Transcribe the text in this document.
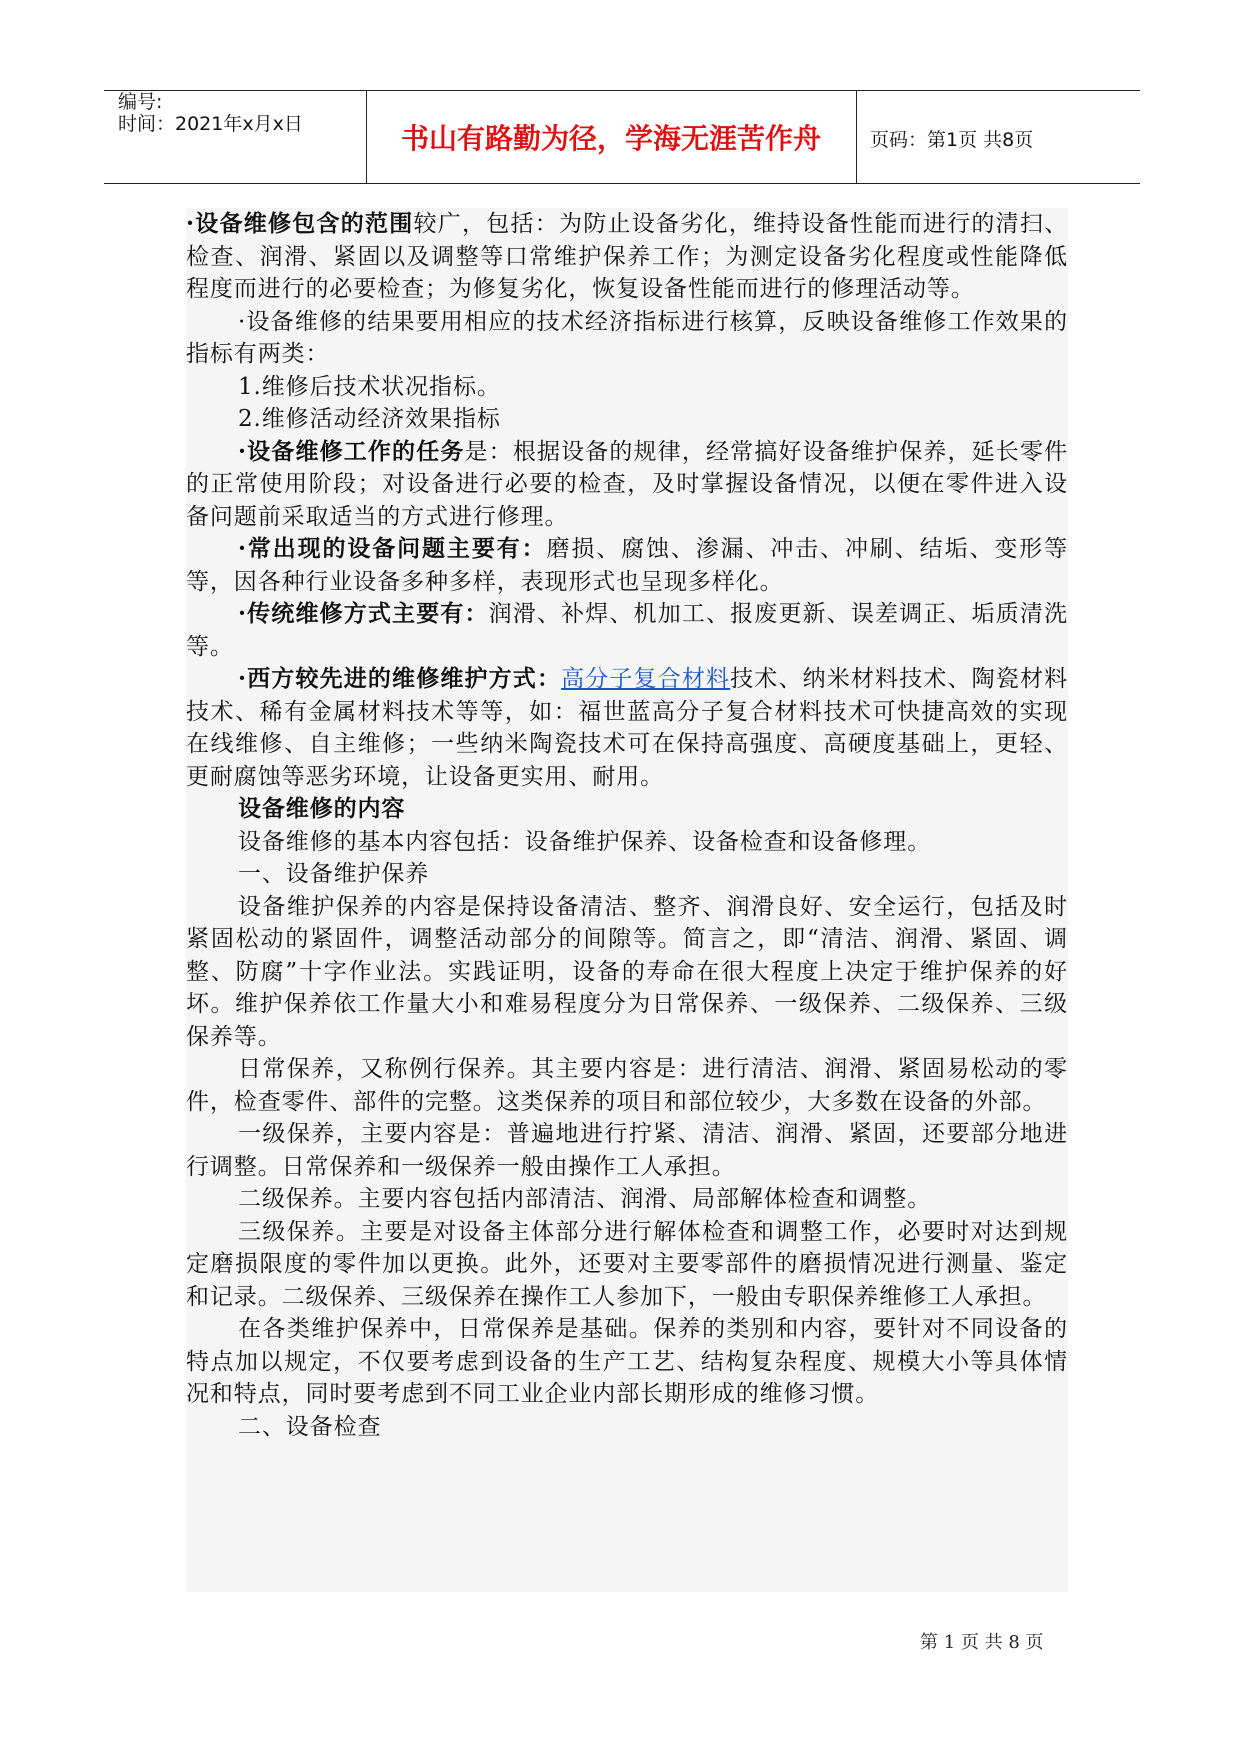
编号:
时间：2021年x月x日	书山有路勤为径，学海无涯苦作舟	页码：第1页 共8页

·设备维修包含的范围较广，包括：为防止设备劣化，维持设备性能而进行的清扫、检查、润滑、紧固以及调整等口常维护保养工作；为测定设备劣化程度或性能降低程度而进行的必要检查；为修复劣化，恢复设备性能而进行的修理活动等。

·设备维修的结果要用相应的技术经济指标进行核算，反映设备维修工作效果的指标有两类：

1.维修后技术状况指标。

2.维修活动经济效果指标

·设备维修工作的任务是：根据设备的规律，经常搞好设备维护保养，延长零件的正常使用阶段；对设备进行必要的检查，及时掌握设备情况，以便在零件进入设备问题前采取适当的方式进行修理。

·常出现的设备问题主要有：磨损、腐蚀、渗漏、冲击、冲刷、结垢、变形等等，因各种行业设备多种多样，表现形式也呈现多样化。

·传统维修方式主要有：润滑、补焊、机加工、报废更新、误差调正、垢质清洗等。

·西方较先进的维修维护方式：高分子复合材料技术、纳米材料技术、陶瓷材料技术、稀有金属材料技术等等，如：福世蓝高分子复合材料技术可快捷高效的实现在线维修、自主维修；一些纳米陶瓷技术可在保持高强度、高硬度基础上，更轻、更耐腐蚀等恶劣环境，让设备更实用、耐用。

设备维修的内容

设备维修的基本内容包括：设备维护保养、设备检查和设备修理。

一、设备维护保养

设备维护保养的内容是保持设备清洁、整齐、润滑良好、安全运行，包括及时紧固松动的紧固件，调整活动部分的间隙等。简言之，即“清洁、润滑、紧固、调整、防腐”十字作业法。实践证明，设备的寿命在很大程度上决定于维护保养的好坏。维护保养依工作量大小和难易程度分为日常保养、一级保养、二级保养、三级保养等。

日常保养，又称例行保养。其主要内容是：进行清洁、润滑、紧固易松动的零件，检查零件、部件的完整。这类保养的项目和部位较少，大多数在设备的外部。

一级保养，主要内容是：普遍地进行拧紧、清洁、润滑、紧固，还要部分地进行调整。日常保养和一级保养一般由操作工人承担。

二级保养。主要内容包括内部清洁、润滑、局部解体检查和调整。

三级保养。主要是对设备主体部分进行解体检查和调整工作，必要时对达到规定磨损限度的零件加以更换。此外，还要对主要零部件的磨损情况进行测量、鉴定和记录。二级保养、三级保养在操作工人参加下，一般由专职保养维修工人承担。

在各类维护保养中，日常保养是基础。保养的类别和内容，要针对不同设备的特点加以规定，不仅要考虑到设备的生产工艺、结构复杂程度、规模大小等具体情况和特点，同时要考虑到不同工业企业内部长期形成的维修习惯。

二、设备检查

第 1 页 共 8 页
